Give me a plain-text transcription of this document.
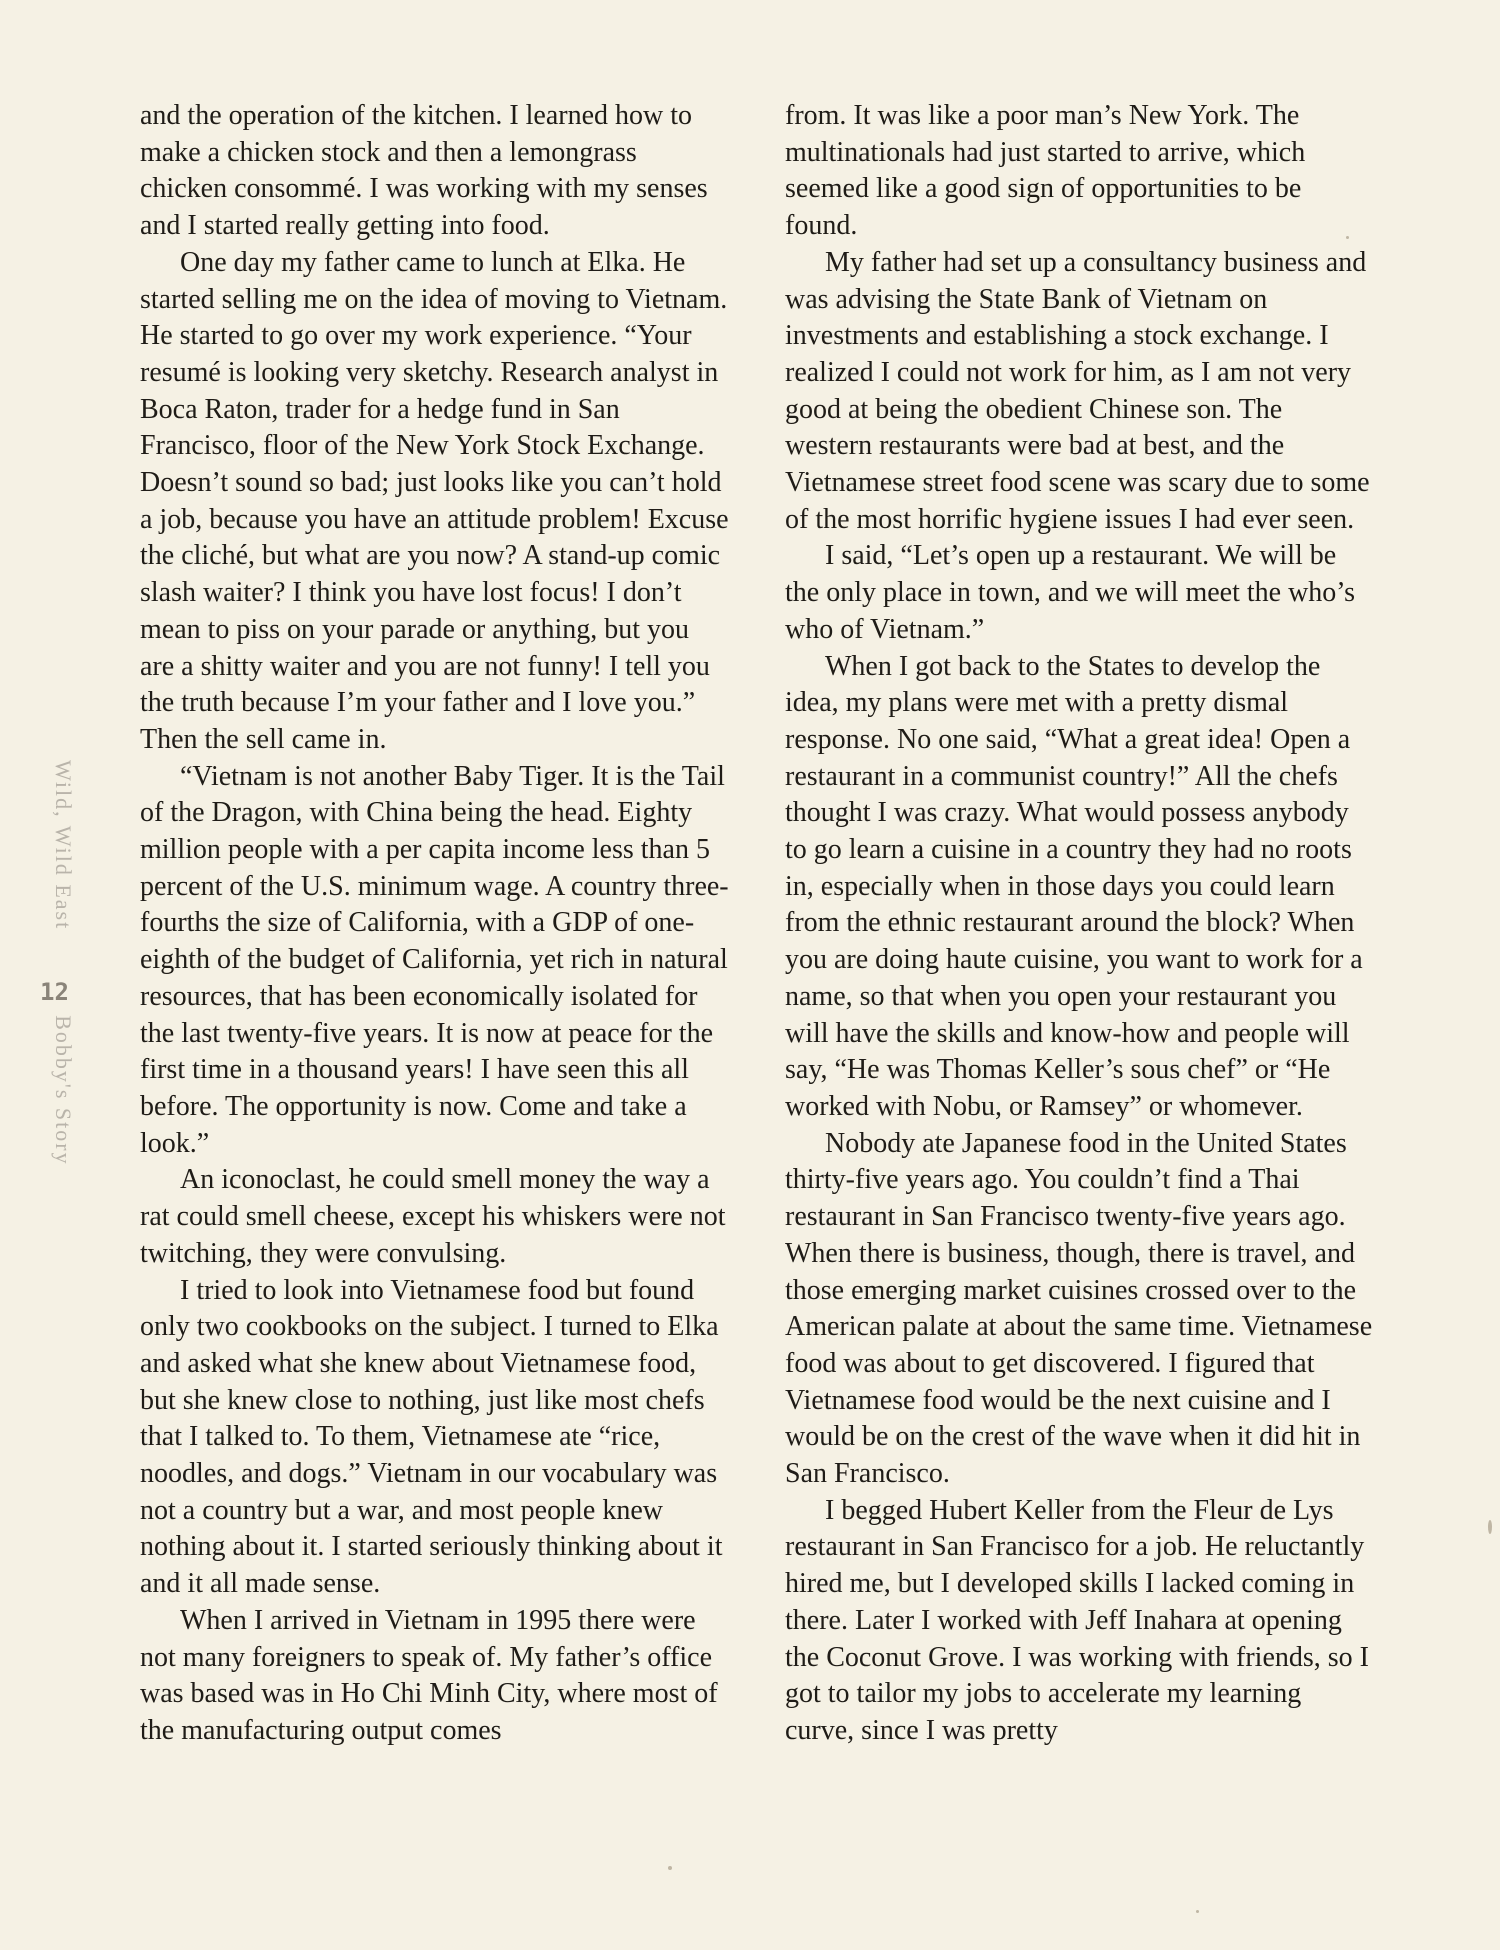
Wild, Wild East  Bobby's Story
12

and the operation of the kitchen. I learned how to make a chicken stock and then a lemongrass chicken consommé. I was working with my senses and I started really getting into food.

One day my father came to lunch at Elka. He started selling me on the idea of moving to Vietnam. He started to go over my work experience. “Your resumé is looking very sketchy. Research analyst in Boca Raton, trader for a hedge fund in San Francisco, floor of the New York Stock Exchange. Doesn’t sound so bad; just looks like you can’t hold a job, because you have an attitude problem! Excuse the cliché, but what are you now? A stand-up comic slash waiter? I think you have lost focus! I don’t mean to piss on your parade or anything, but you are a shitty waiter and you are not funny! I tell you the truth because I’m your father and I love you.” Then the sell came in.

“Vietnam is not another Baby Tiger. It is the Tail of the Dragon, with China being the head. Eighty million people with a per capita income less than 5 percent of the U.S. minimum wage. A country three-fourths the size of California, with a GDP of one-eighth of the budget of California, yet rich in natural resources, that has been economically isolated for the last twenty-five years. It is now at peace for the first time in a thousand years! I have seen this all before. The opportunity is now. Come and take a look.”

An iconoclast, he could smell money the way a rat could smell cheese, except his whiskers were not twitching, they were convulsing.

I tried to look into Vietnamese food but found only two cookbooks on the subject. I turned to Elka and asked what she knew about Vietnamese food, but she knew close to nothing, just like most chefs that I talked to. To them, Vietnamese ate “rice, noodles, and dogs.” Vietnam in our vocabulary was not a country but a war, and most people knew nothing about it. I started seriously thinking about it and it all made sense.

When I arrived in Vietnam in 1995 there were not many foreigners to speak of. My father’s office was based was in Ho Chi Minh City, where most of the manufacturing output comes

from. It was like a poor man’s New York. The multinationals had just started to arrive, which seemed like a good sign of opportunities to be found.

My father had set up a consultancy business and was advising the State Bank of Vietnam on investments and establishing a stock exchange. I realized I could not work for him, as I am not very good at being the obedient Chinese son. The western restaurants were bad at best, and the Vietnamese street food scene was scary due to some of the most horrific hygiene issues I had ever seen.

I said, “Let’s open up a restaurant. We will be the only place in town, and we will meet the who’s who of Vietnam.”

When I got back to the States to develop the idea, my plans were met with a pretty dismal response. No one said, “What a great idea! Open a restaurant in a communist country!” All the chefs thought I was crazy. What would possess anybody to go learn a cuisine in a country they had no roots in, especially when in those days you could learn from the ethnic restaurant around the block? When you are doing haute cuisine, you want to work for a name, so that when you open your restaurant you will have the skills and know-how and people will say, “He was Thomas Keller’s sous chef” or “He worked with Nobu, or Ramsey” or whomever.

Nobody ate Japanese food in the United States thirty-five years ago. You couldn’t find a Thai restaurant in San Francisco twenty-five years ago. When there is business, though, there is travel, and those emerging market cuisines crossed over to the American palate at about the same time. Vietnamese food was about to get discovered. I figured that Vietnamese food would be the next cuisine and I would be on the crest of the wave when it did hit in San Francisco.

I begged Hubert Keller from the Fleur de Lys restaurant in San Francisco for a job. He reluctantly hired me, but I developed skills I lacked coming in there. Later I worked with Jeff Inahara at opening the Coconut Grove. I was working with friends, so I got to tailor my jobs to accelerate my learning curve, since I was pretty
